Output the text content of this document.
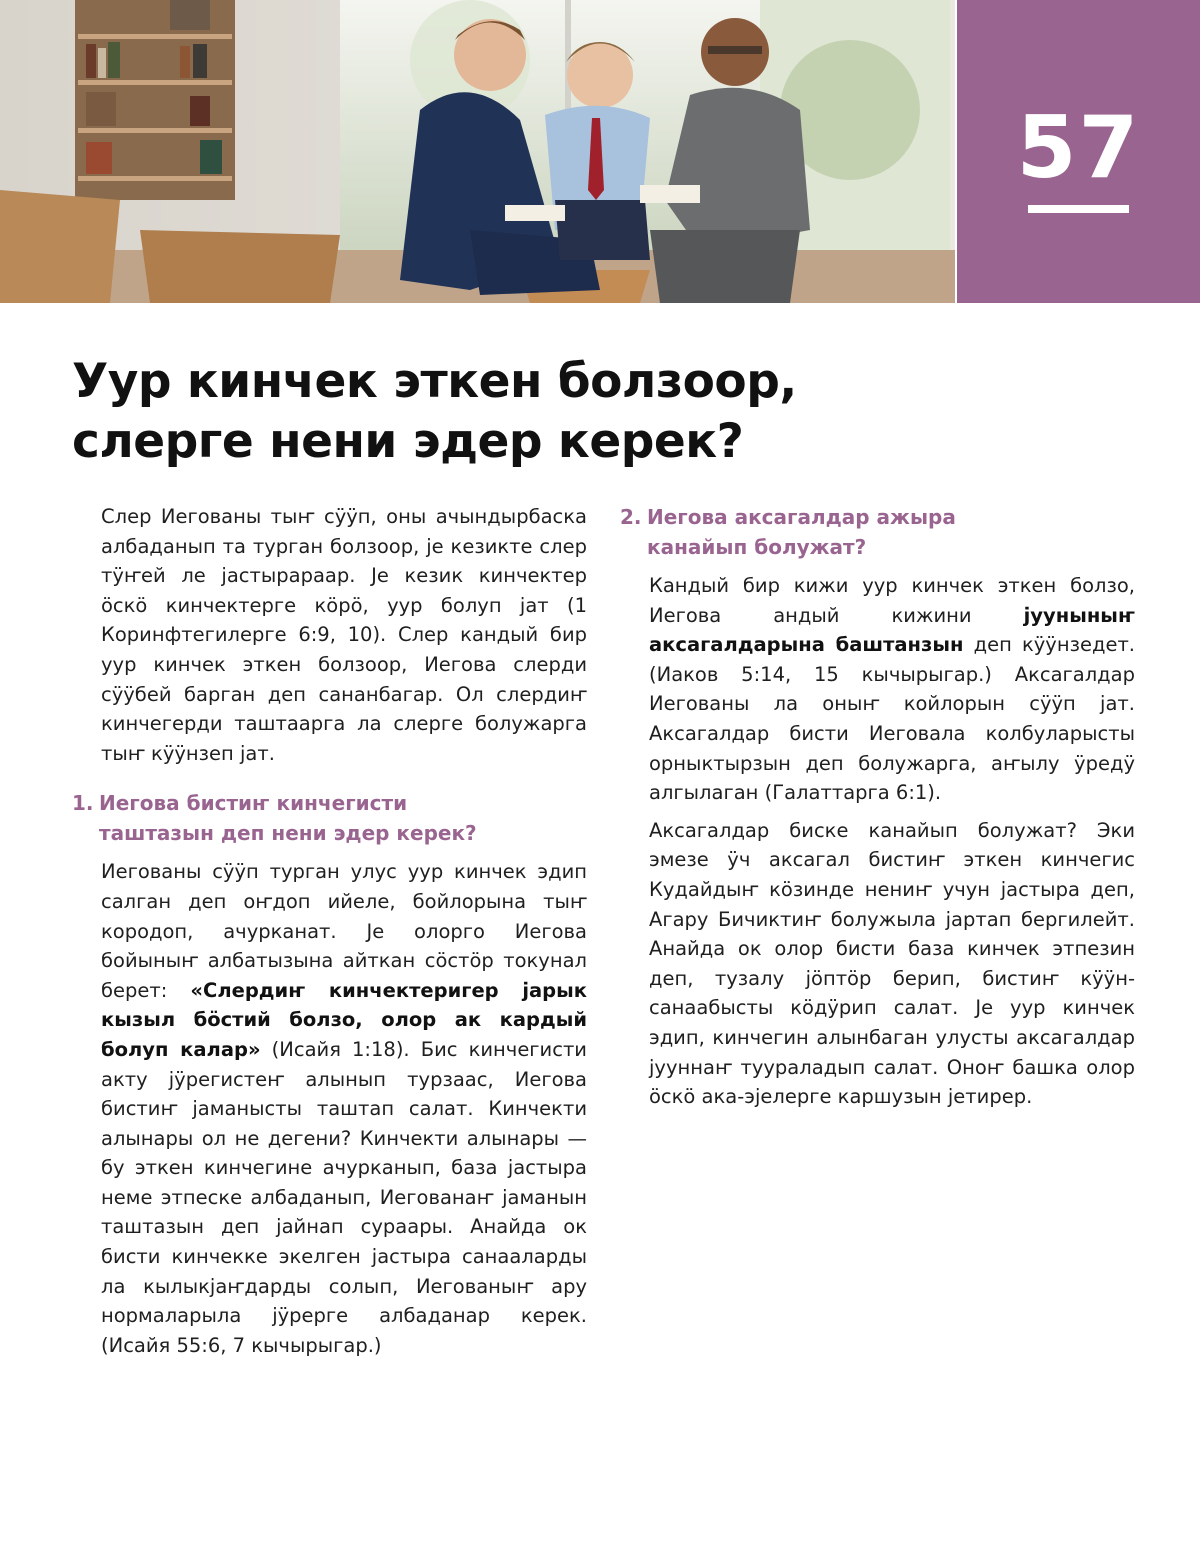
57
Уур кинчек эткен болзоор,
слерге нени эдер керек?

Слер Иегованы тыҥ сӱӱп, оны ачындырбаска албаданып та турган болзоор, је кезикте слер тӱҥей ле јастырараар. Је кезик кинчектер ӧскӧ кинчектерге кӧрӧ, уур болуп јат (1 Коринфтегилерге 6:9, 10). Слер кандый бир уур кинчек эткен болзоор, Иегова слерди сӱӱбей барган деп сананбагар. Ол слердиҥ кинчегерди таштаарга ла слерге болужарга тыҥ кӱӱнзеп јат.

1. Иегова бистиҥ кинчегисти
таштазын деп нени эдер керек?

Иегованы сӱӱп турган улус уур кинчек эдип салган деп оҥдоп ийеле, бойлорына тыҥ кородоп, ачурканат. Је олорго Иегова бойыныҥ албатызына айткан сӧстӧр токунал берет: «Слердиҥ кинчектеригер јарык кызыл бӧстий болзо, олор ак кардый болуп калар» (Исайя 1:18). Бис кинчегисти акту јӱрегистеҥ алынып турзаас, Иегова бистиҥ јаманысты таштап салат. Кинчекти алынары ол не дегени? Кинчекти алынары — бу эткен кинчегине ачурканып, база јастыра неме этпеске албаданып, Иегованаҥ јаманын таштазын деп јайнап сураары. Анайда ок бисти кинчекке экелген јастыра санааларды ла кылыкјаҥдарды солып, Иегованыҥ ару нормаларыла јӱрерге албаданар керек. (Исайя 55:6, 7 кычырыгар.)

2. Иегова аксагалдар ажыра
канайып болужат?

Кандый бир кижи уур кинчек эткен болзо, Иегова андый кижини јууныныҥ аксагалдарына баштанзын деп кӱӱнзедет. (Иаков 5:14, 15 кычырыгар.) Аксагалдар Иегованы ла оныҥ койлорын сӱӱп јат. Аксагалдар бисти Иеговала колбуларысты орныктырзын деп болужарга, аҥылу ӱредӱ алгылаган (Галаттарга 6:1).

Аксагалдар биске канайып болужат? Эки эмезе ӱч аксагал бистиҥ эткен кинчегис Кудайдыҥ кӧзинде нениҥ учун јастыра деп, Агару Бичиктиҥ болужыла јартап бергилейт. Анайда ок олор бисти база кинчек этпезин деп, тузалу јӧптӧр берип, бистиҥ кӱӱн-санаабысты кӧдӱрип салат. Је уур кинчек эдип, кинчегин алынбаган улусты аксагалдар јууннаҥ туураладып салат. Оноҥ башка олор ӧскӧ ака-эјелерге каршузын јетирер.
